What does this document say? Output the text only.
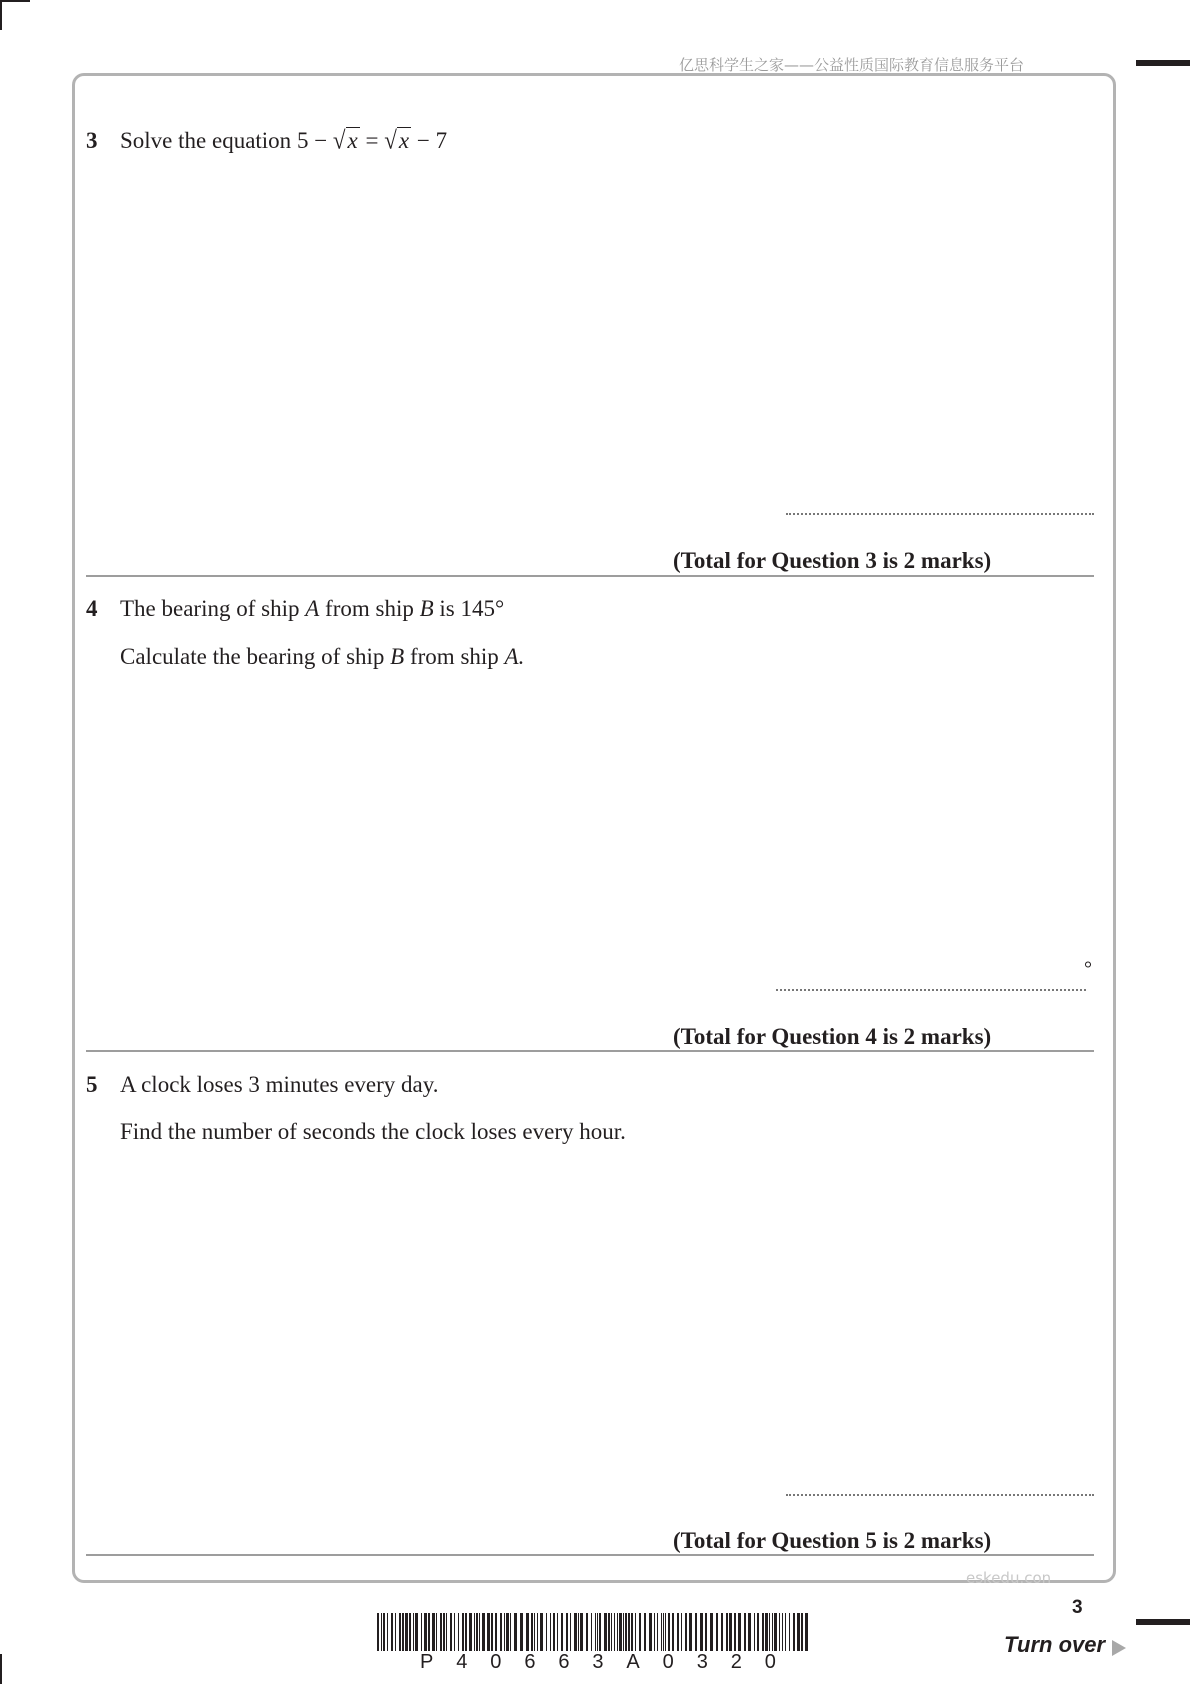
亿思科学生之家——公益性质国际教育信息服务平台
3 Solve the equation 5 − √x = √x − 7
(Total for Question 3 is 2 marks)
4 The bearing of ship A from ship B is 145°
Calculate the bearing of ship B from ship A.
°
(Total for Question 4 is 2 marks)
5 A clock loses 3 minutes every day.
Find the number of seconds the clock loses every hour.
(Total for Question 5 is 2 marks)
eskedu.con
3
P 4 0 6 6 3 A 0 3 2 0
Turn over
